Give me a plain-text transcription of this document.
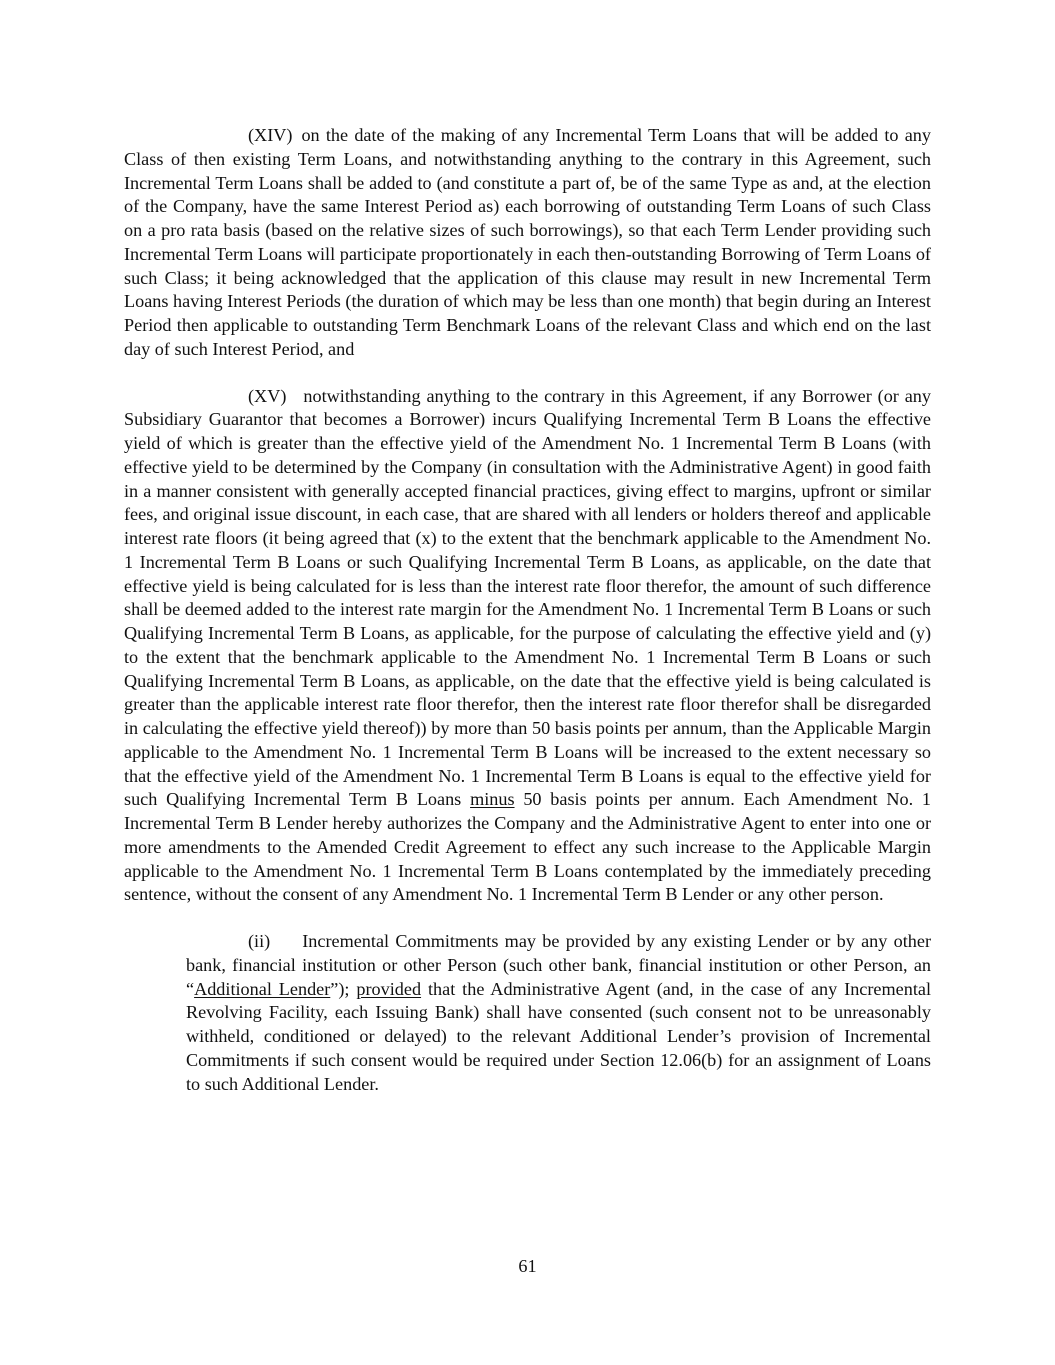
(XIV) on the date of the making of any Incremental Term Loans that will be added to any Class of then existing Term Loans, and notwithstanding anything to the contrary in this Agreement, such Incremental Term Loans shall be added to (and constitute a part of, be of the same Type as and, at the election of the Company, have the same Interest Period as) each borrowing of outstanding Term Loans of such Class on a pro rata basis (based on the relative sizes of such borrowings), so that each Term Lender providing such Incremental Term Loans will participate proportionately in each then-outstanding Borrowing of Term Loans of such Class; it being acknowledged that the application of this clause may result in new Incremental Term Loans having Interest Periods (the duration of which may be less than one month) that begin during an Interest Period then applicable to outstanding Term Benchmark Loans of the relevant Class and which end on the last day of such Interest Period, and

(XV) notwithstanding anything to the contrary in this Agreement, if any Borrower (or any Subsidiary Guarantor that becomes a Borrower) incurs Qualifying Incremental Term B Loans the effective yield of which is greater than the effective yield of the Amendment No. 1 Incremental Term B Loans (with effective yield to be determined by the Company (in consultation with the Administrative Agent) in good faith in a manner consistent with generally accepted financial practices, giving effect to margins, upfront or similar fees, and original issue discount, in each case, that are shared with all lenders or holders thereof and applicable interest rate floors (it being agreed that (x) to the extent that the benchmark applicable to the Amendment No. 1 Incremental Term B Loans or such Qualifying Incremental Term B Loans, as applicable, on the date that effective yield is being calculated for is less than the interest rate floor therefor, the amount of such difference shall be deemed added to the interest rate margin for the Amendment No. 1 Incremental Term B Loans or such Qualifying Incremental Term B Loans, as applicable, for the purpose of calculating the effective yield and (y) to the extent that the benchmark applicable to the Amendment No. 1 Incremental Term B Loans or such Qualifying Incremental Term B Loans, as applicable, on the date that the effective yield is being calculated is greater than the applicable interest rate floor therefor, then the interest rate floor therefor shall be disregarded in calculating the effective yield thereof)) by more than 50 basis points per annum, than the Applicable Margin applicable to the Amendment No. 1 Incremental Term B Loans will be increased to the extent necessary so that the effective yield of the Amendment No. 1 Incremental Term B Loans is equal to the effective yield for such Qualifying Incremental Term B Loans minus 50 basis points per annum. Each Amendment No. 1 Incremental Term B Lender hereby authorizes the Company and the Administrative Agent to enter into one or more amendments to the Amended Credit Agreement to effect any such increase to the Applicable Margin applicable to the Amendment No. 1 Incremental Term B Loans contemplated by the immediately preceding sentence, without the consent of any Amendment No. 1 Incremental Term B Lender or any other person.

(ii) Incremental Commitments may be provided by any existing Lender or by any other bank, financial institution or other Person (such other bank, financial institution or other Person, an “Additional Lender”); provided that the Administrative Agent (and, in the case of any Incremental Revolving Facility, each Issuing Bank) shall have consented (such consent not to be unreasonably withheld, conditioned or delayed) to the relevant Additional Lender’s provision of Incremental Commitments if such consent would be required under Section 12.06(b) for an assignment of Loans to such Additional Lender.

61
